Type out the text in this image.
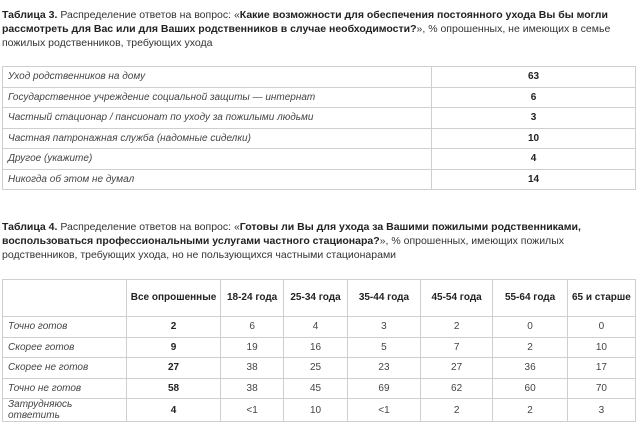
Таблица 3. Распределение ответов на вопрос: «Какие возможности для обеспечения постоянного ухода Вы бы могли рассмотреть для Вас или для Ваших родственников в случае необходимости?», % опрошенных, не имеющих в семье пожилых родственников, требующих ухода
Уход родственников на дому	63
Государственное учреждение социальной защиты — интернат	6
Частный стационар / пансионат по уходу за пожилыми людьми	3
Частная патронажная служба (надомные сиделки)	10
Другое (укажите)	4
Никогда об этом не думал	14
Таблица 4. Распределение ответов на вопрос: «Готовы ли Вы для ухода за Вашими пожилыми родственниками, воспользоваться профессиональными услугами частного стационара?», % опрошенных, имеющих пожилых родственников, требующих ухода, но не пользующихся частными стационарами
	Все опрошенные	18-24 года	25-34 года	35-44 года	45-54 года	55-64 года	65 и старше
Точно готов	2	6	4	3	2	0	0
Скорее готов	9	19	16	5	7	2	10
Скорее не готов	27	38	25	23	27	36	17
Точно не готов	58	38	45	69	62	60	70
Затрудняюсь ответить	4	<1	10	<1	2	2	3
